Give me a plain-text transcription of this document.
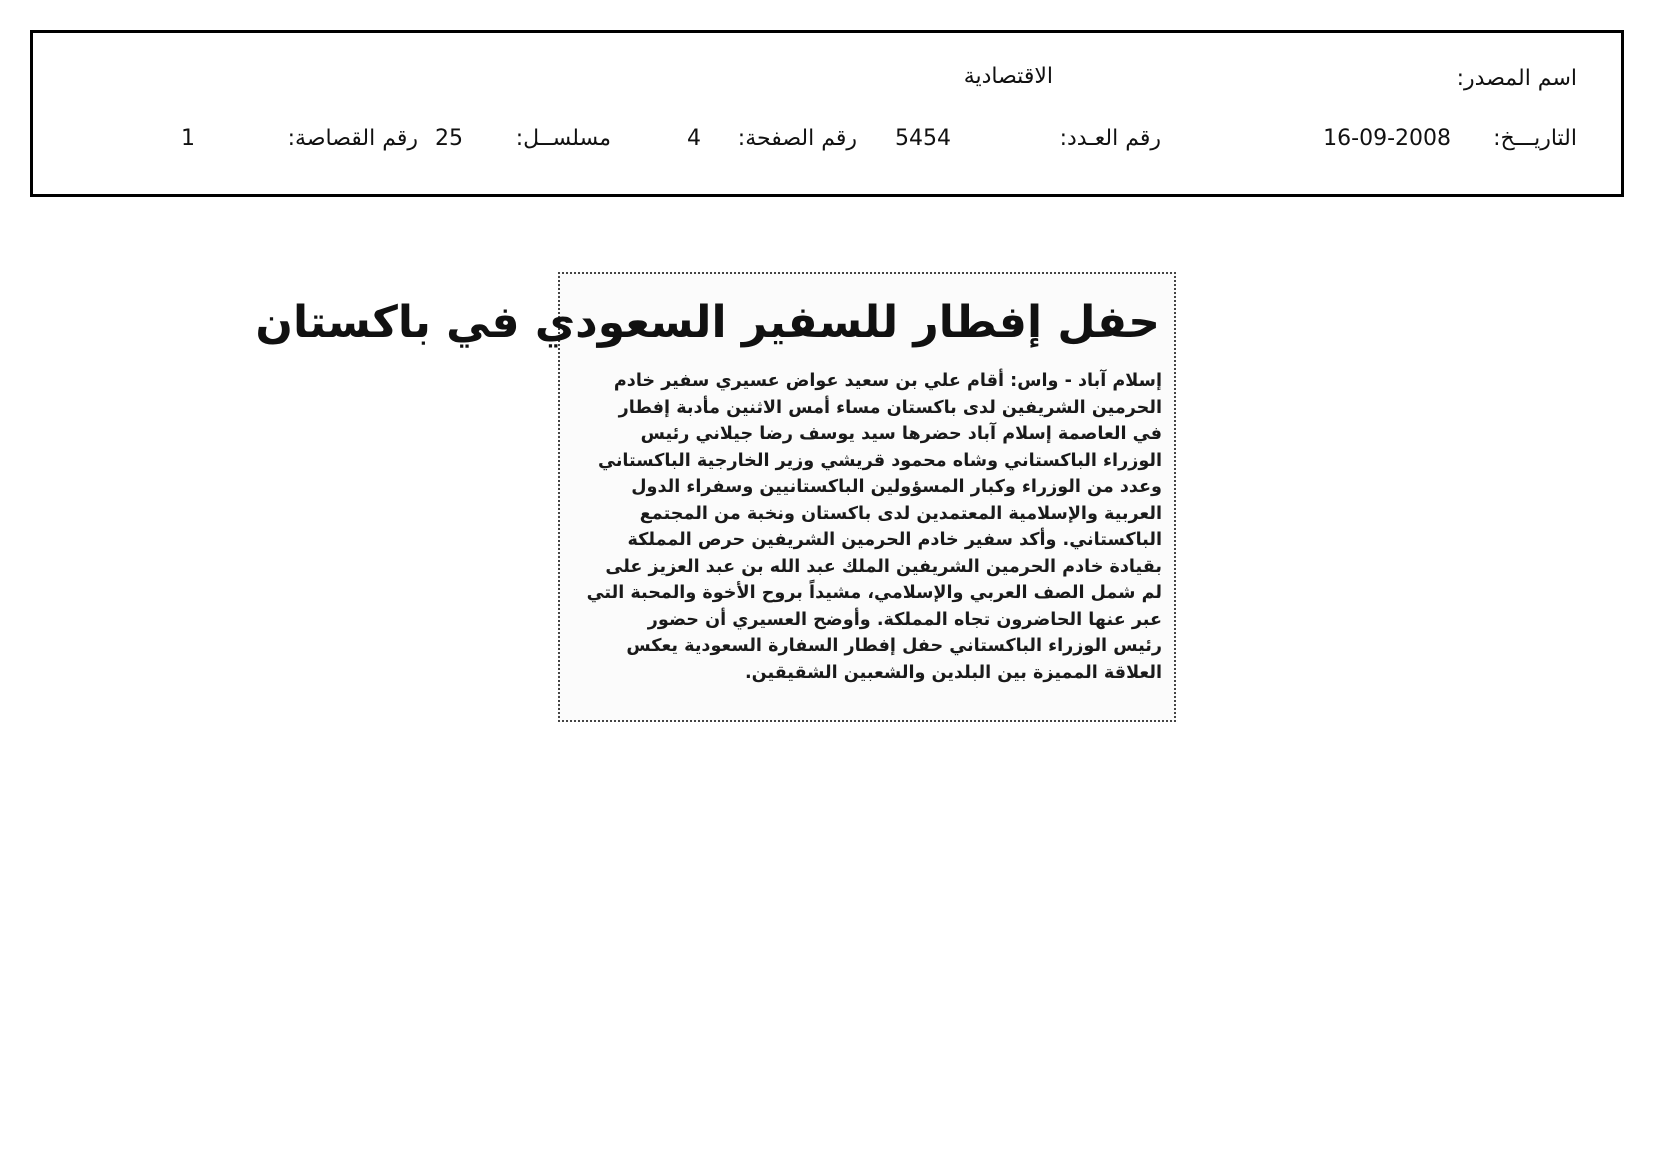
اسم المصدر:
الاقتصادية
التاريـــخ:
16-09-2008
رقم العـدد:
5454
رقم الصفحة:
4
مسلســل:
25
رقم القصاصة:
1
حفل إفطار للسفير السعودي في باكستان
إسلام آباد - واس: أقام علي بن سعيد عواض عسيري سفير خادم
الحرمين الشريفين لدى باكستان مساء أمس الاثنين مأدبة إفطار
في العاصمة إسلام آباد حضرها سيد يوسف رضا جيلاني رئيس
الوزراء الباكستاني وشاه محمود قريشي وزير الخارجية الباكستاني
وعدد من الوزراء وكبار المسؤولين الباكستانيين وسفراء الدول
العربية والإسلامية المعتمدين لدى باكستان ونخبة من المجتمع
الباكستاني. وأكد سفير خادم الحرمين الشريفين حرص المملكة
بقيادة خادم الحرمين الشريفين الملك عبد الله بن عبد العزيز على
لم شمل الصف العربي والإسلامي، مشيداً بروح الأخوة والمحبة التي
عبر عنها الحاضرون تجاه المملكة. وأوضح العسيري أن حضور
رئيس الوزراء الباكستاني حفل إفطار السفارة السعودية يعكس
العلاقة المميزة بين البلدين والشعبين الشقيقين.
